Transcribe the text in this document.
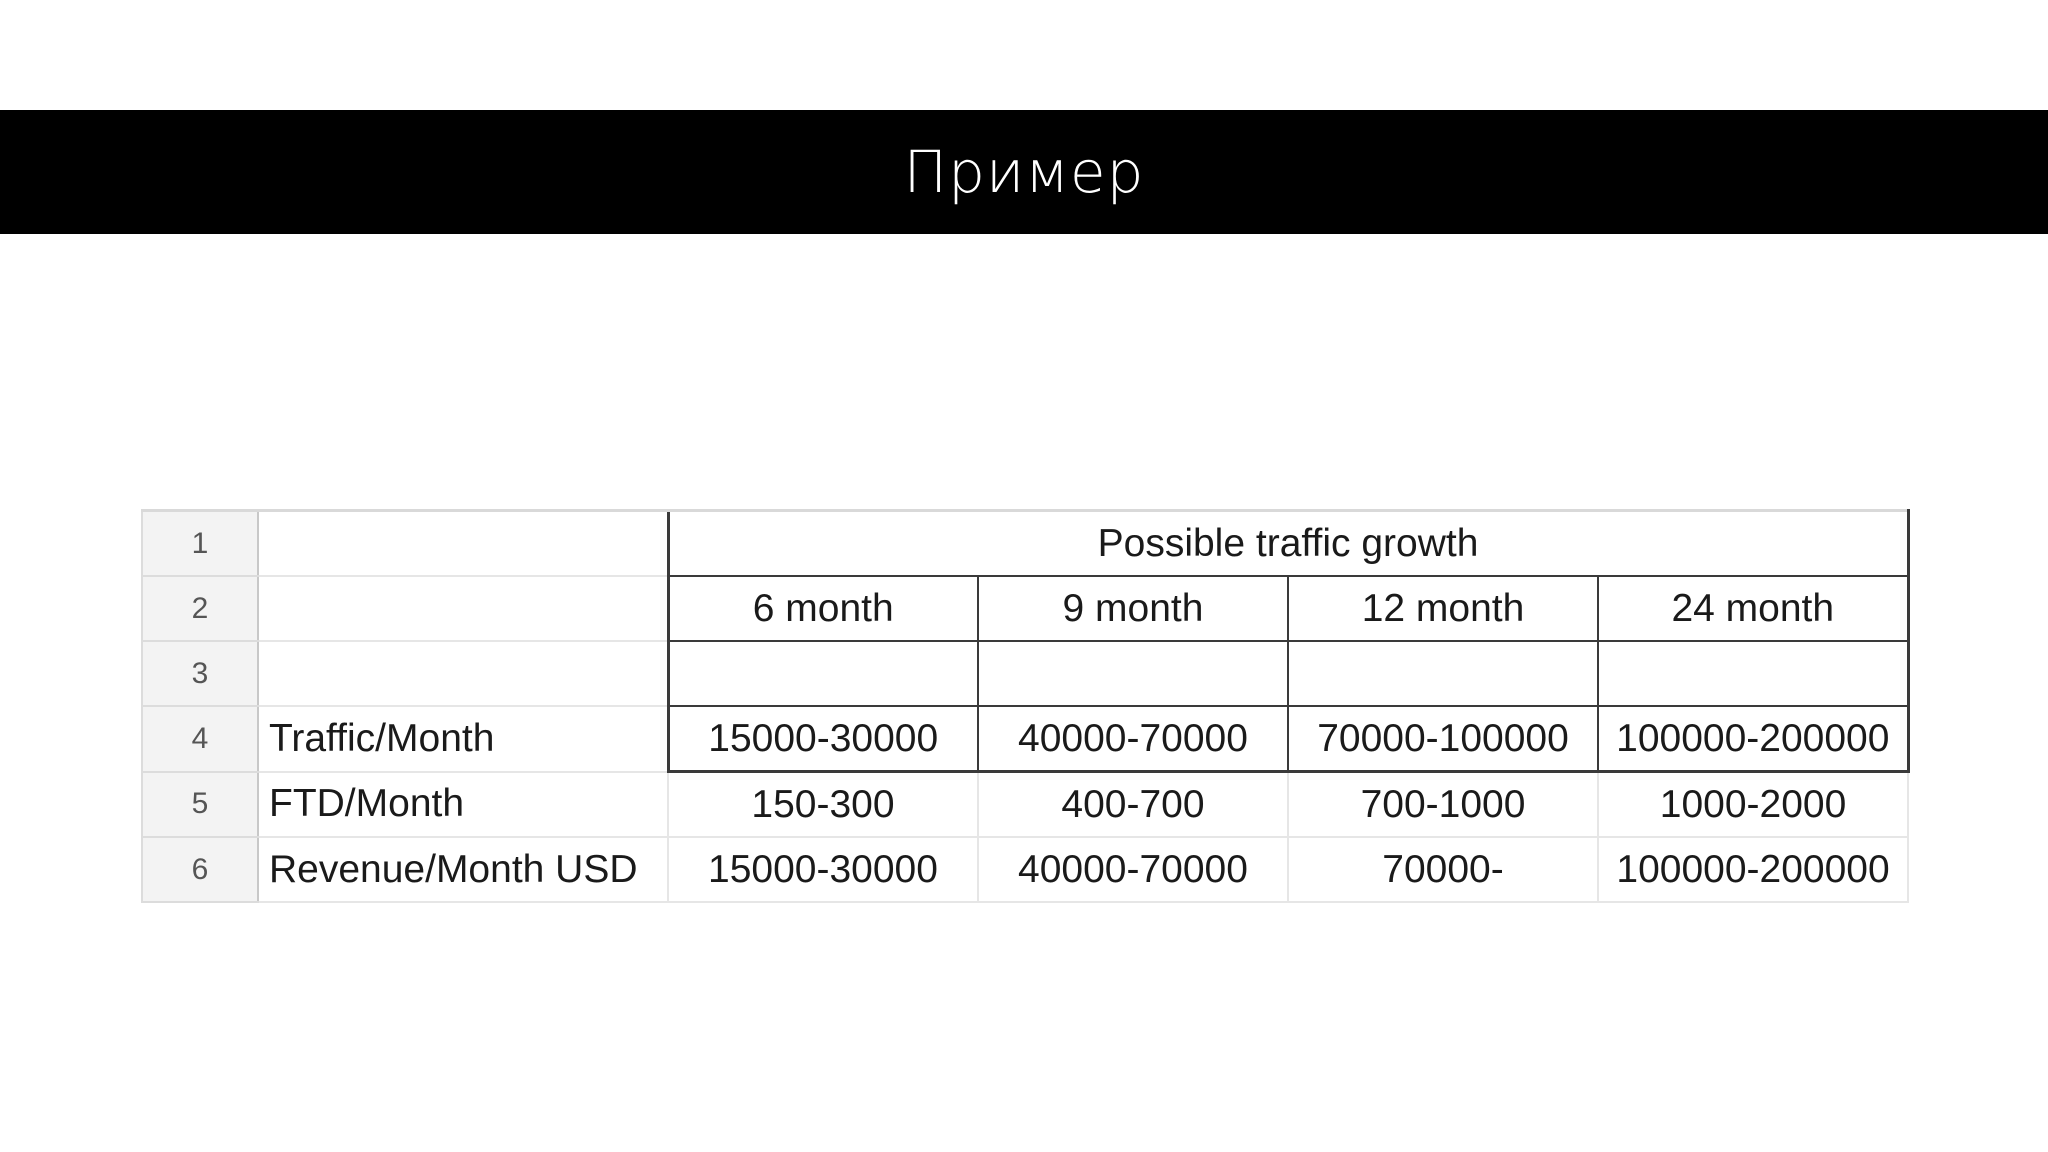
Пример
1		Possible traffic growth			
2		6 month	9 month	12 month	24 month
3					
4	Traffic/Month	15000-30000	40000-70000	70000-100000	100000-200000
5	FTD/Month	150-300	400-700	700-1000	1000-2000
6	Revenue/Month USD	15000-30000	40000-70000	70000-	100000-200000
